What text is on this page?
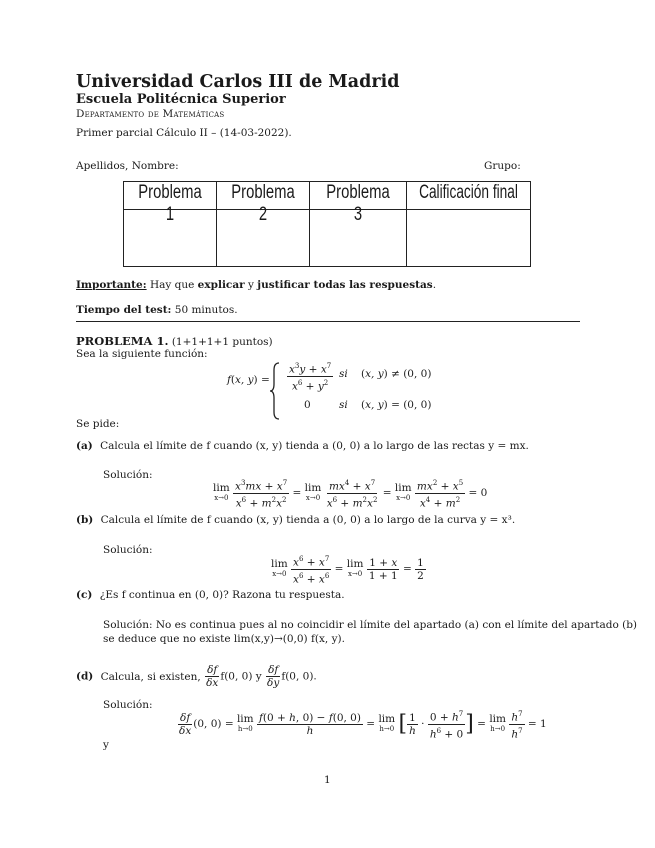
Universidad Carlos III de Madrid
Escuela Politécnica Superior
Departamento de Matemáticas
Primer parcial Cálculo II – (14-03-2022).
Apellidos, Nombre:	Grupo:
Problema 1	Problema 2	Problema 3	Calificación final

Importante: Hay que explicar y justificar todas las respuestas.
Tiempo del test: 50 minutos.
PROBLEMA 1. (1+1+1+1 puntos)
Sea la siguiente función:
f(x, $y) = \frac{x^3y + x^7}{x^6 + y^2}$ si (x, y) ≠ (0, 0)
0	si (x, y) = (0, 0)
Se pide:
(a) Calcula el límite de f cuando (x, y) tienda a (0, 0) a lo largo de las rectas y = mx.
Solución:
lim
x→0
$\frac{x^3mx + x^7}{x^6 + m^2x^2} = \lim$
x→0
$\frac{mx^4 + x^7}{x^6 + m^2x^2} = \lim$
x→0
$\frac{mx^2 + x^5}{x^4 + m^2} = 0$
(b) Calcula el límite de f cuando (x, y) tienda a (0, 0) a lo largo de la curva y = x³.
Solución:
lim
x→0
$\frac{x^6 + x^7}{x^6 + x^6} = \lim$
x→0
$\frac{1 + x}{1 + 1} = \frac{1}{2}$
(c) ¿Es f continua en (0, 0)? Razona tu respuesta.
Solución: No es continua pues al no coincidir el límite del apartado (a) con el límite del apartado (b)
se deduce que no existe lim(x,y)→(0,0) f(x, y).
(d) Calcula, si existen, $\frac{\delta f}{\delta x} f(0$, 0) y $\frac{\delta f}{\delta y} f(0$, 0).
Solución:
$\frac{\delta f}{\delta x} (0$, 0) = lim
h→0
$\frac{f(0 + h, 0) - f(0, 0)}{h} = \lim$
h→0 [ $\frac{1}{h} \cdot \frac{0 + h^7}{h^6 + 0}$ ] = lim
h→0
$\frac{h^7}{h^7} = 1$
y
1
